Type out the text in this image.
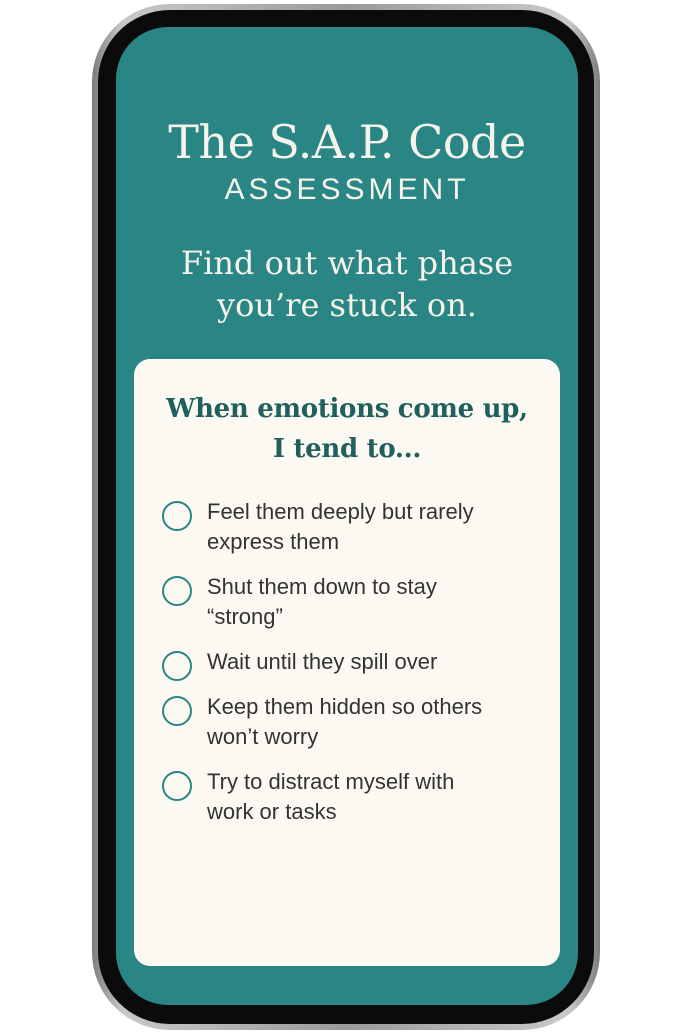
The S.A.P. Code
ASSESSMENT
Find out what phase
you’re stuck on.
When emotions come up,
I tend to...
Feel them deeply but rarely
express them
Shut them down to stay
“strong”
Wait until they spill over
Keep them hidden so others
won’t worry
Try to distract myself with
work or tasks
